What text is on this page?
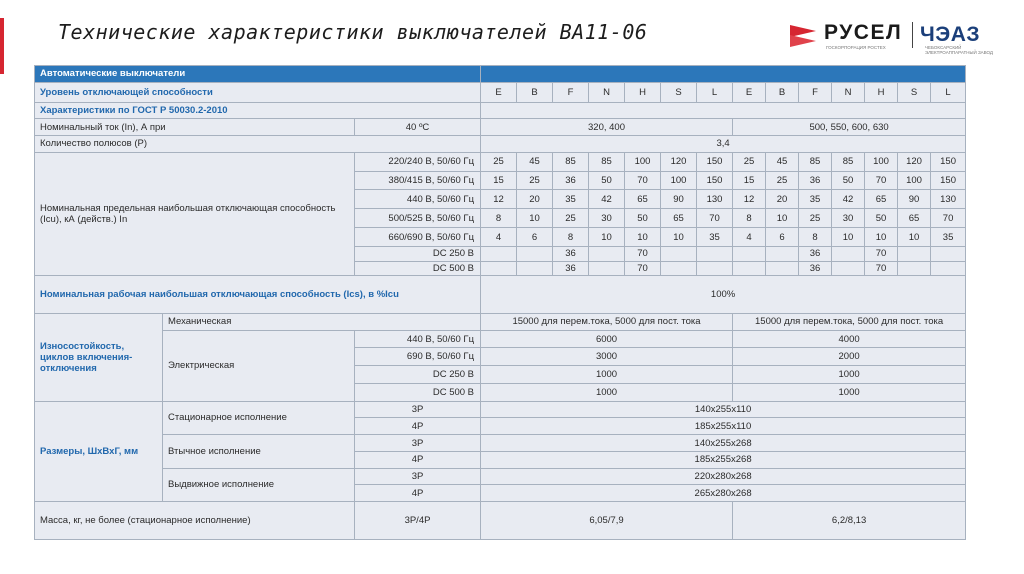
Технические характеристики выключателей ВА11-06	РУСЕЛ
ГОСКОРПОРАЦИЯ РОСТЕХ
ЧЭАЗ
ЧЕБОКСАРСКИЙ ЭЛЕКТРОАППАРАТНЫЙ ЗАВОД
Автоматические выключатели																
Уровень отключающей способности			E	B	F	N	H	S	L	E	B	F	N	H	S	L
Характеристики по ГОСТ Р 50030.2-2010																
Номинальный ток (In), А при		40 ºC	320, 400							500, 550, 600, 630						
Количество полюсов (Р)			3,4													
Номинальная предельная наибольшая отключающая способность (Icu), кА (действ.) In		220/240 В, 50/60 Гц	25	45	85	85	100	120	150	25	45	85	85	100	120	150
		380/415 В, 50/60 Гц	15	25	36	50	70	100	150	15	25	36	50	70	100	150
		440 В, 50/60 Гц	12	20	35	42	65	90	130	12	20	35	42	65	90	130
		500/525 В, 50/60 Гц	8	10	25	30	50	65	70	8	10	25	30	50	65	70
		660/690 В, 50/60 Гц	4	6	8	10	10	10	35	4	6	8	10	10	10	35
		DC 250 В			36		70					36		70		
		DC 500 В			36		70					36		70		
Номинальная рабочая наибольшая отключающая способность (Ics), в %Icu			100%													
Износостойкость, циклов включения-отключения	Механическая		15000 для перем.тока, 5000 для пост. тока							15000 для перем.тока, 5000 для пост. тока						
	Электрическая	440 В, 50/60 Гц	6000							4000						
		690 В, 50/60 Гц	3000							2000						
		DC 250 В	1000							1000						
		DC 500 В	1000							1000						
Размеры, ШхВхГ, мм	Стационарное исполнение	3Р	140x255x110													
		4Р	185x255x110													
	Втычное исполнение	3Р	140x255x268													
		4Р	185x255x268													
	Выдвижное исполнение	3Р	220x280x268													
		4Р	265x280x268													
Масса, кг, не более (стационарное исполнение)		3Р/4Р	6,05/7,9							6,2/8,13						
